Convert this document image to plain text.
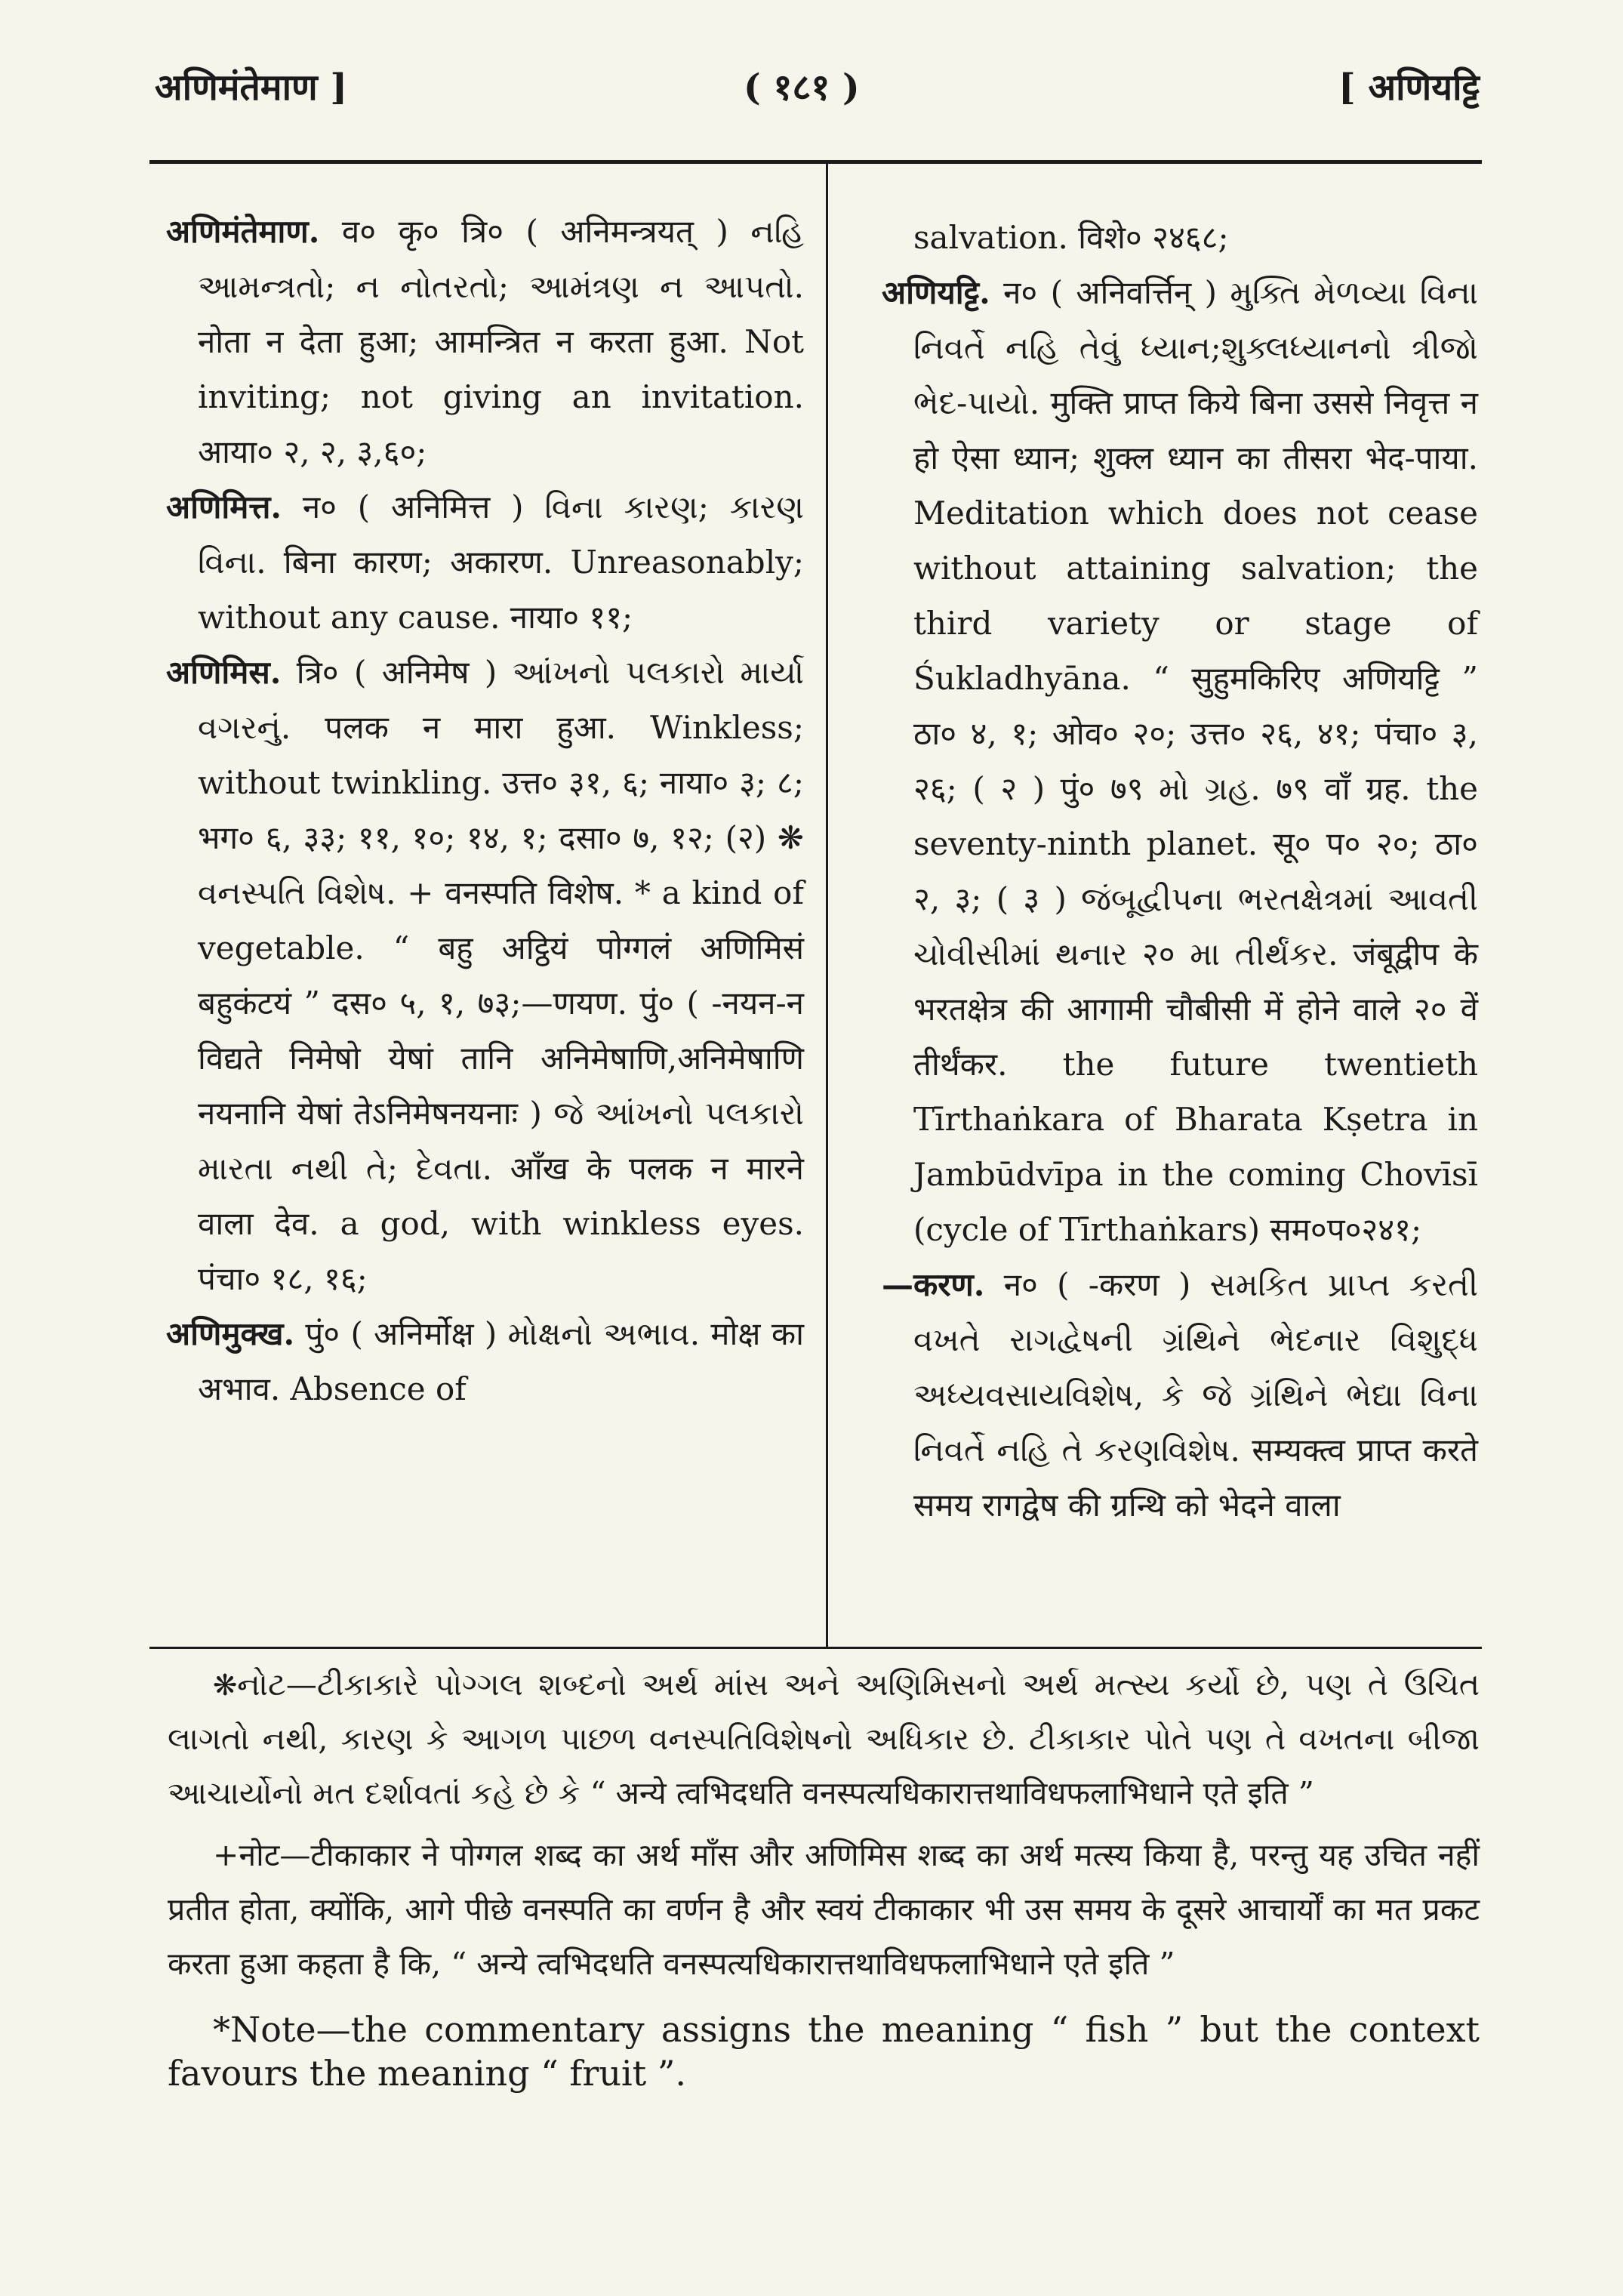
अणिमंतेमाण ]	( १८१ )	[ अणियट्टि

अणिमंतेमाण. व० कृ० त्रि० ( अनिमन्त्रयत् ) નહિ આમન્ત્રતો; ન નોતરતો; આમંત્રણ ન આપતો. नोता न देता हुआ; आमन्त्रित न करता हुआ. Not inviting; not giving an invitation. आया० २, २, ३,६०;

अणिमित्त. न० ( अनिमित्त ) વિના કારણ; કારણ વિના. बिना कारण; अकारण. Unreasonably; without any cause. नाया० ११;

अणिमिस. त्रि० ( अनिमेष ) આંખનો પલકારો માર્યા વગરનું. पलक न मारा हुआ. Winkless; without twinkling. उत्त० ३१, ६; नाया० ३; ८; भग० ६, ३३; ११, १०; १४, १; दसा० ७, १२; (२) ❋ વનસ્પતિ વિશેષ. + वनस्पति विशेष. * a kind of vegetable. “ बहु अट्ठियं पोग्गलं अणिमिसं बहुकंटयं ” दस० ५, १, ७३;—णयण. पुं० ( -नयन-न विद्यते निमेषो येषां तानि अनिमेषाणि,अनिमेषाणि नयनानि येषां तेऽनिमेषनयनाः ) જે આંખનો પલકારો મારતા નથી તે; દેવતા. आँख के पलक न मारने वाला देव. a god, with winkless eyes. पंचा० १८, १६;

अणिमुक्ख. पुं० ( अनिर्मोक्ष ) મોક્ષનો અભાવ. मोक्ष का अभाव. Absence of

salvation. विशे० २४६८;

अणियट्टि. न० ( अनिवर्त्तिन् ) મુક્તિ મેળવ્યા વિના નિવર્તે નહિ તેવું ધ્યાન;શુક્લધ્યાનનો ત્રીજો ભેદ-પાયો. मुक्ति प्राप्त किये बिना उससे निवृत्त न हो ऐसा ध्यान; शुक्ल ध्यान का तीसरा भेद-पाया. Meditation which does not cease without attaining salvation; the third variety or stage of Śukladhyāna. “ सुहुमकिरिए अणियट्टि ” ठा० ४, १; ओव० २०; उत्त० २६, ४१; पंचा० ३, २६; ( २ ) पुं० ७९ મો ગ્રહ. ७९ वाँ ग्रह. the seventy-ninth planet. सू० प० २०; ठा० २, ३; ( ३ ) જંબૂદ્વીપના ભરતક્ષેત્રમાં આવતી ચોવીસીમાં થનાર २० મા તીર્થંકર. जंबूद्वीप के भरतक्षेत्र की आगामी चौबीसी में होने वाले २० वें तीर्थंकर. the future twentieth Tīrthaṅkara of Bharata Kṣetra in Jambūdvīpa in the coming Chovīsī (cycle of Tīrthaṅkars) सम०प०२४१;

—करण. न० ( -करण ) સમકિત પ્રાપ્ત કરતી વખતે રાગદ્વેષની ગ્રંથિને ભેદનાર વિશુદ્ધ અધ્યવસાયવિશેષ, કે જે ગ્રંથિને ભેદ્યા વિના નિવર્તે નહિ તે કરણવિશેષ. सम्यक्त्व प्राप्त करते समय रागद्वेष की ग्रन्थि को भेदने वाला

❋નોટ—ટીકાકારે પોગ્ગલ શબ્દનો અર્થ માંસ અને અણિમિસનો અર્થ મત્સ્ય કર્યો છે, પણ તે ઉચિત લાગતો નથી, કારણ કે આગળ પાછળ વનસ્પતિવિશેષનો અધિકાર છે. ટીકાકાર પોતે પણ તે વખતના બીજા આચાર્યોનો મત દર્શાવતાં કહે છે કે “ अन्ये त्वभिदधति वनस्पत्यधिकारात्तथाविधफलाभिधाने एते इति ”

+नोट—टीकाकार ने पोग्गल शब्द का अर्थ माँस और अणिमिस शब्द का अर्थ मत्स्य किया है, परन्तु यह उचित नहीं प्रतीत होता, क्योंकि, आगे पीछे वनस्पति का वर्णन है और स्वयं टीकाकार भी उस समय के दूसरे आचार्यों का मत प्रकट करता हुआ कहता है कि, “ अन्ये त्वभिदधति वनस्पत्यधिकारात्तथाविधफलाभिधाने एते इति ”

*Note—the commentary assigns the meaning “ fish ” but the context favours the meaning “ fruit ”.
